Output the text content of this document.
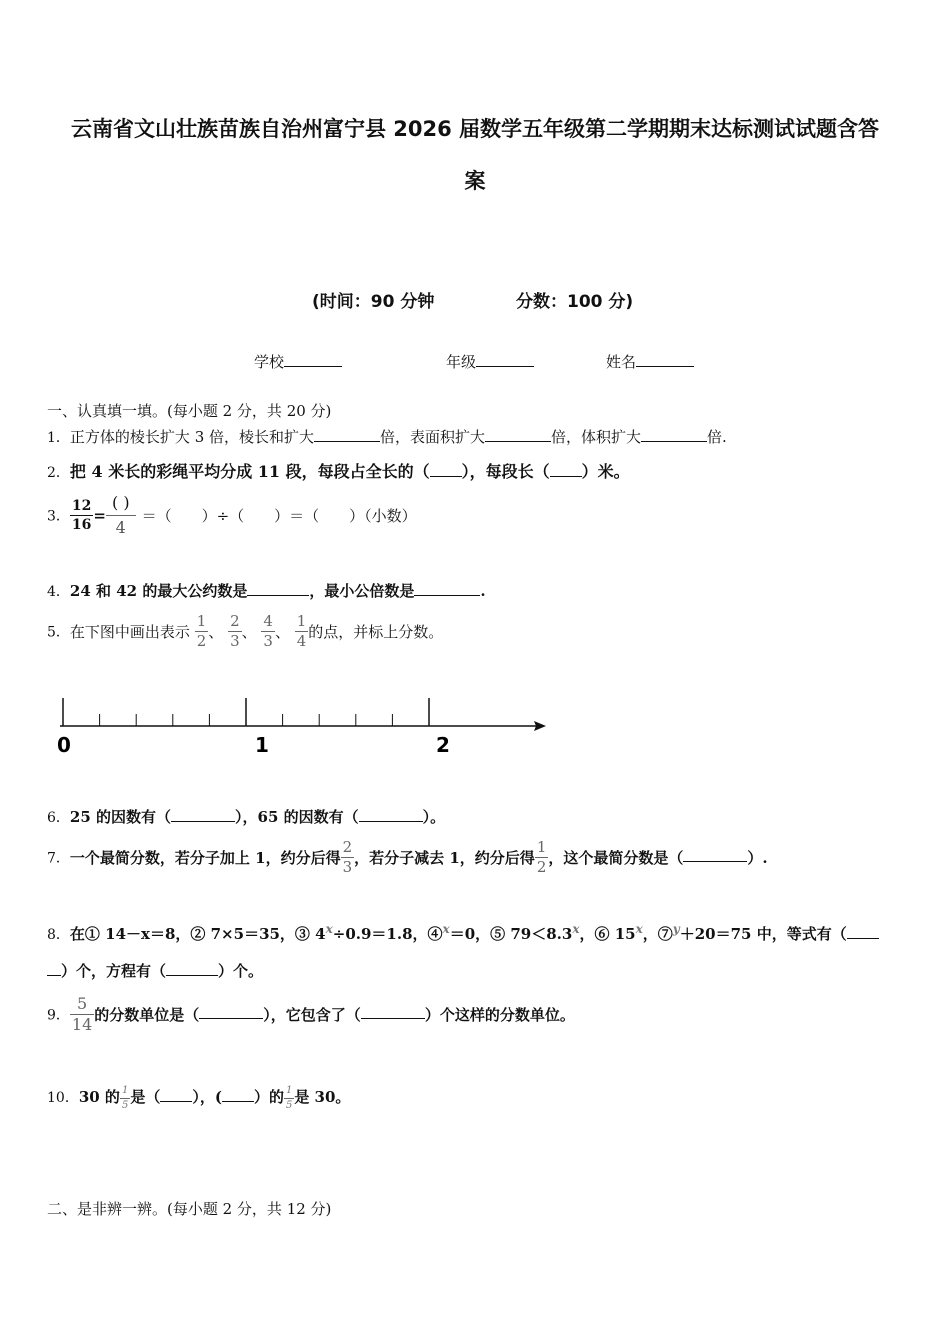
云南省文山壮族苗族自治州富宁县 2026 届数学五年级第二学期期末达标测试试题含答
案
(时间：90 分钟	分数：100 分)
学校	年级	姓名
一、认真填一填。(每小题 2 分，共 20 分)
1．正方体的棱长扩大 3 倍，棱长和扩大	倍，表面积扩大	倍，体积扩大	倍.
2．把 4 米长的彩绳平均分成 11 段，每段占全长的（ ），每段长（ ）米。
3． $\frac{12}{16} = \frac{( )}{4}$ ＝（　　）÷（　　）＝（　　）（小数）
4．24 和 42 的最大公约数是	，最小公倍数是	.
5．在下图中画出表示 $\frac{1}{2}$ 、 $\frac{2}{3}$ 、 $\frac{4}{3}$ 、 $\frac{1}{4}$ 的点，并标上分数。
0	1	2
6．25 的因数有（	），65 的因数有（	）。
7．一个最简分数，若分子加上 1，约分后得 $\frac{2}{3}$ ，若分子减去 1，约分后得 $\frac{1}{2}$ ，这个最简分数是（	）.
8．在① 14－x＝8，② 7×5＝35，③ $4^x\div 0.9=1.8$，④$^x$＝0，⑤ $79<8.3^x$，⑥ 15$^x$，⑦$^y$＋20＝75 中，等式有（
）个，方程有（	）个。
9． $\frac{5}{14}$ 的分数单位是（	），它包含了（	）个这样的分数单位。
10．30 的 $\frac{1}{5}$ 是（ ），( ）的 $\frac{1}{5}$ 是 30。
二、是非辨一辨。(每小题 2 分，共 12 分)
